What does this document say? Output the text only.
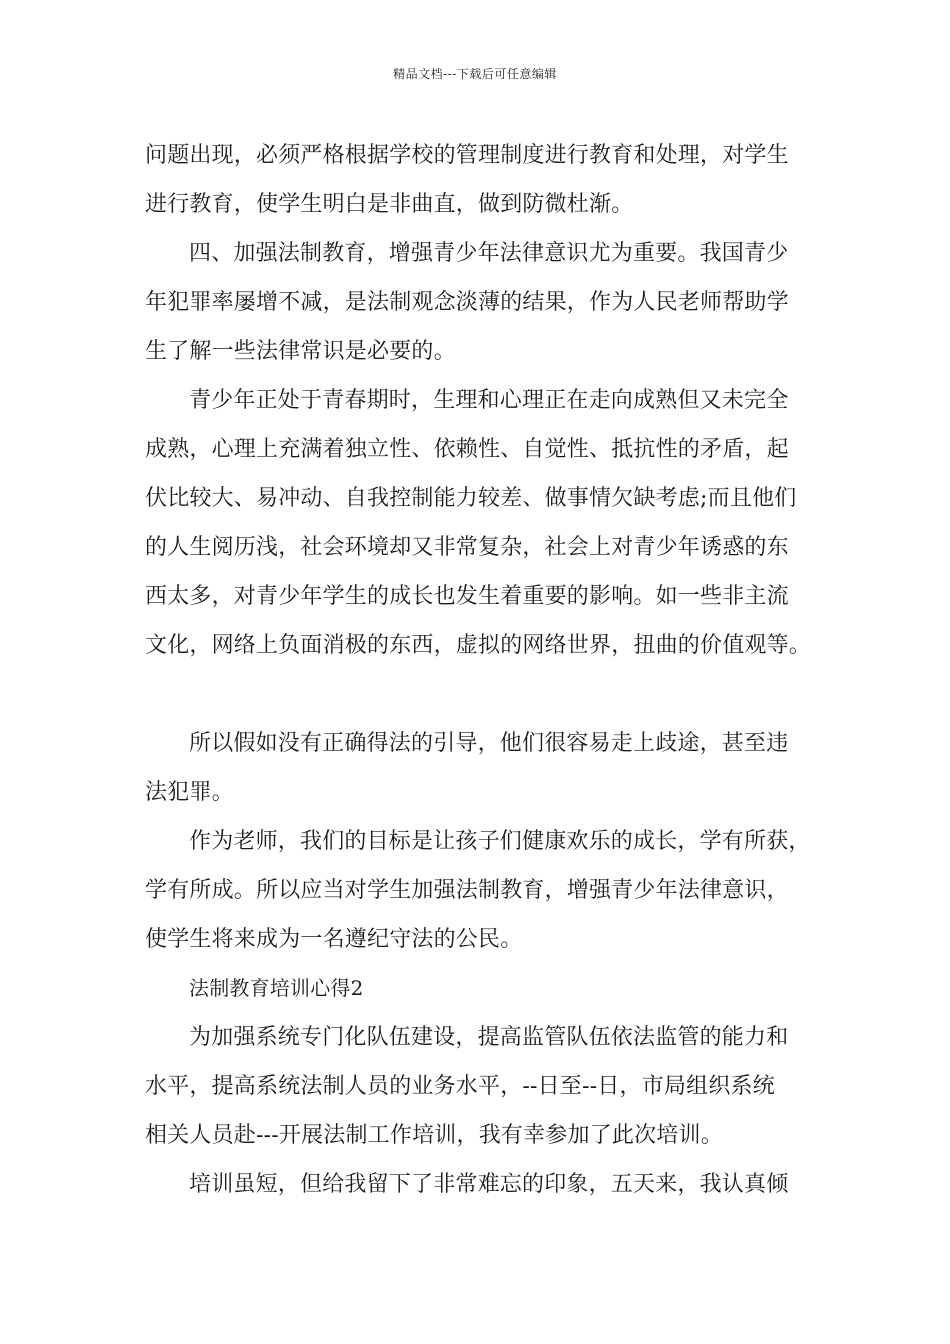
精品文档---下载后可任意编辑
问题出现，必须严格根据学校的管理制度进行教育和处理，对学生
进行教育，使学生明白是非曲直，做到防微杜渐。
四、加强法制教育，增强青少年法律意识尤为重要。我国青少
年犯罪率屡增不减，是法制观念淡薄的结果，作为人民老师帮助学
生了解一些法律常识是必要的。
青少年正处于青春期时，生理和心理正在走向成熟但又未完全
成熟，心理上充满着独立性、依赖性、自觉性、抵抗性的矛盾，起
伏比较大、易冲动、自我控制能力较差、做事情欠缺考虑;而且他们
的人生阅历浅，社会环境却又非常复杂，社会上对青少年诱惑的东
西太多，对青少年学生的成长也发生着重要的影响。如一些非主流
文化，网络上负面消极的东西，虚拟的网络世界，扭曲的价值观等。
所以假如没有正确得法的引导，他们很容易走上歧途，甚至违
法犯罪。
作为老师，我们的目标是让孩子们健康欢乐的成长，学有所获，
学有所成。所以应当对学生加强法制教育，增强青少年法律意识，
使学生将来成为一名遵纪守法的公民。
法制教育培训心得2
为加强系统专门化队伍建设，提高监管队伍依法监管的能力和
水平，提高系统法制人员的业务水平，--日至--日，市局组织系统
相关人员赴---开展法制工作培训，我有幸参加了此次培训。
培训虽短，但给我留下了非常难忘的印象，五天来，我认真倾
